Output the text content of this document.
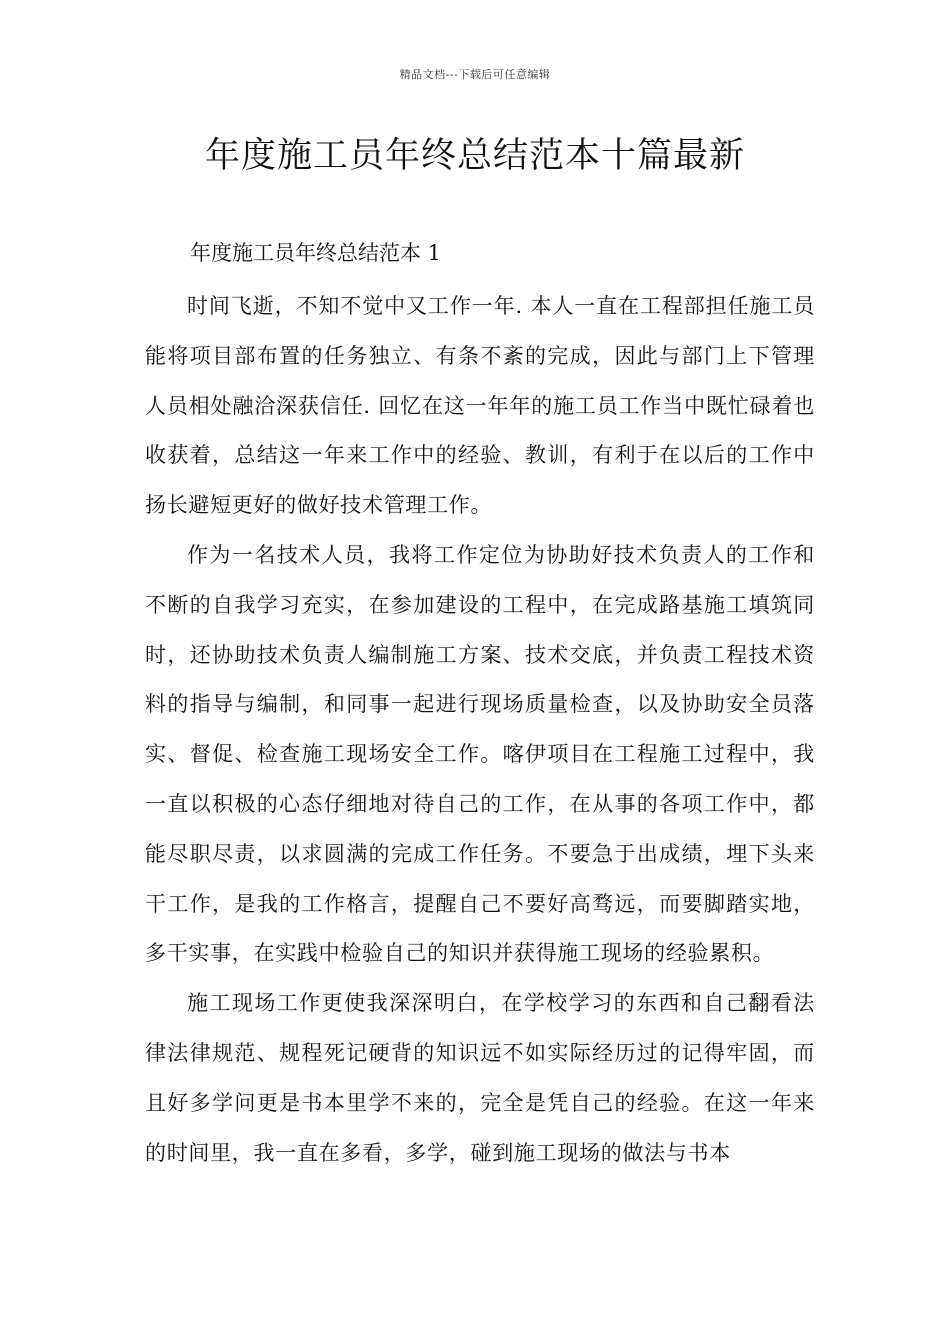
精品文档---下载后可任意编辑
年度施工员年终总结范本十篇最新
年度施工员年终总结范本 1

时间飞逝，不知不觉中又工作一年. 本人一直在工程部担任施工员能将项目部布置的任务独立、有条不紊的完成，因此与部门上下管理人员相处融洽深获信任. 回忆在这一年年的施工员工作当中既忙碌着也收获着，总结这一年来工作中的经验、教训，有利于在以后的工作中扬长避短更好的做好技术管理工作。

作为一名技术人员，我将工作定位为协助好技术负责人的工作和不断的自我学习充实，在参加建设的工程中，在完成路基施工填筑同时，还协助技术负责人编制施工方案、技术交底，并负责工程技术资料的指导与编制，和同事一起进行现场质量检查，以及协助安全员落实、督促、检查施工现场安全工作。喀伊项目在工程施工过程中，我一直以积极的心态仔细地对待自己的工作，在从事的各项工作中，都能尽职尽责，以求圆满的完成工作任务。不要急于出成绩，埋下头来干工作，是我的工作格言，提醒自己不要好高骛远，而要脚踏实地，多干实事，在实践中检验自己的知识并获得施工现场的经验累积。

施工现场工作更使我深深明白，在学校学习的东西和自己翻看法律法律规范、规程死记硬背的知识远不如实际经历过的记得牢固，而且好多学问更是书本里学不来的，完全是凭自己的经验。在这一年来的时间里，我一直在多看，多学，碰到施工现场的做法与书本
